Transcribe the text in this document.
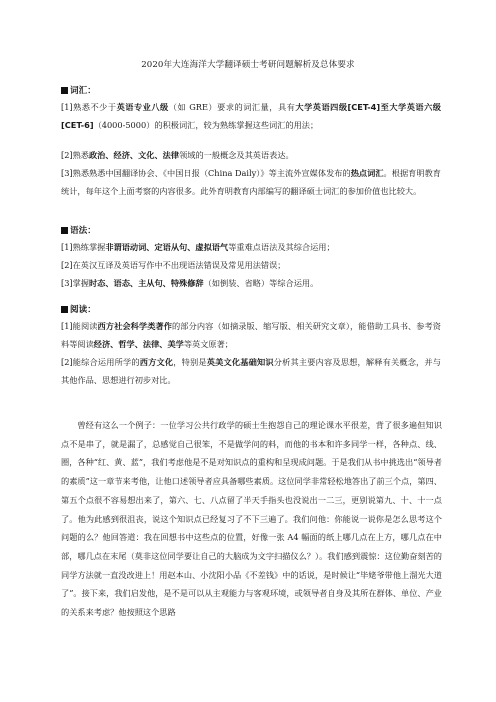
2020年大连海洋大学翻译硕士考研问题解析及总体要求
词汇：
[1]熟悉不少于英语专业八级（如 GRE）要求的词汇量，具有大学英语四级[CET-4]至大学英语六级[CET-6]（4000-5000）的积极词汇，较为熟练掌握这些词汇的用法；
[2]熟悉政治、经济、文化、法律领域的一般概念及其英语表达。
[3]熟悉熟悉中国翻译协会、《中国日报（China Daily）》等主流外宣媒体发布的热点词汇。根据育明教育统计，每年这个上面考察的内容很多。此外育明教育内部编写的翻译硕士词汇的参加价值也比较大。
语法：
[1]熟练掌握非谓语动词、定语从句、虚拟语气等重难点语法及其综合运用；
[2]在英汉互译及英语写作中不出现语法错误及常见用法错误；
[3]掌握时态、语态、主从句、特殊修辞（如倒装、省略）等综合运用。
阅读：
[1]能阅读西方社会科学类著作的部分内容（如摘录版、缩写版、相关研究文章），能借助工具书、参考资料等阅读经济、哲学、法律、美学等英文原著；
[2]能综合运用所学的西方文化，特别是英美文化基础知识分析其主要内容及思想，解释有关概念，并与其他作品、思想进行初步对比。
曾经有这么一个例子：一位学习公共行政学的硕士生抱怨自己的理论课水平很差，背了很多遍但知识点不是串了，就是漏了，总感觉自己很笨，不是做学问的料，而他的书本和许多同学一样，各种点、线、圈，各种“红、黄、蓝”，我们考虑他是不是对知识点的重构和呈现成问题。于是我们从书中挑选出“领导者的素质”这一章节来考他，让他口述领导者应具备哪些素质。这位同学非常轻松地答出了前三个点，第四、第五个点很不容易想出来了，第六、七、八点留了半天手指头也没说出一二三，更别说第九、十、十一点了。他为此感到很沮丧，说这个知识点已经复习了不下三遍了。我们问他：你能说一说你是怎么思考这个问题的么？他回答道：我在回想书中这些点的位置，好像一张 A4 幅面的纸上哪几点在上方，哪几点在中部，哪几点在末尾（莫非这位同学要让自己的大脑成为文字扫描仪么？）。我们感到震惊：这位勤奋刻苦的同学方法就一直没改进上！用赵本山、小沈阳小品《不差钱》中的话说，是时候让“毕姥爷带他上溜光大道了”。接下来，我们启发他，是不是可以从主观能力与客观环境，或领导者自身及其所在群体、单位、产业的关系来考虑？他按照这个思路
